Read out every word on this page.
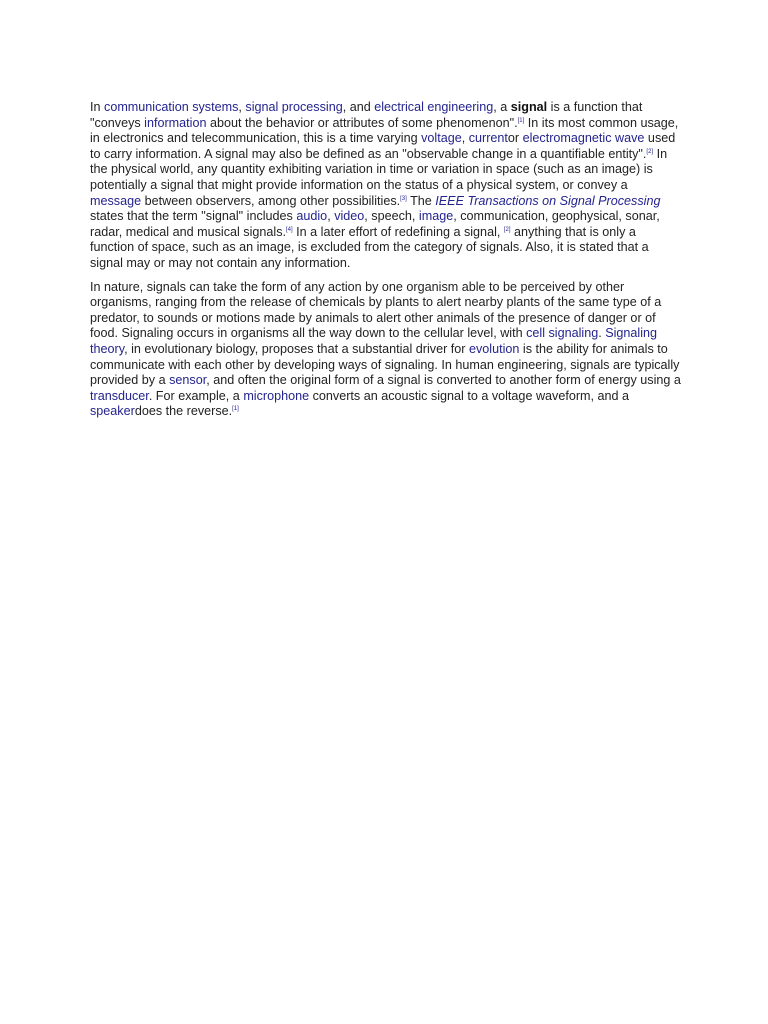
In communication systems, signal processing, and electrical engineering, a signal is a function that "conveys information about the behavior or attributes of some phenomenon".[1] In its most common usage, in electronics and telecommunication, this is a time varying voltage, currentor electromagnetic wave used to carry information. A signal may also be defined as an "observable change in a quantifiable entity".[2] In the physical world, any quantity exhibiting variation in time or variation in space (such as an image) is potentially a signal that might provide information on the status of a physical system, or convey a message between observers, among other possibilities.[3] The IEEE Transactions on Signal Processing states that the term "signal" includes audio, video, speech, image, communication, geophysical, sonar, radar, medical and musical signals.[4] In a later effort of redefining a signal, [2] anything that is only a function of space, such as an image, is excluded from the category of signals. Also, it is stated that a signal may or may not contain any information.

In nature, signals can take the form of any action by one organism able to be perceived by other organisms, ranging from the release of chemicals by plants to alert nearby plants of the same type of a predator, to sounds or motions made by animals to alert other animals of the presence of danger or of food. Signaling occurs in organisms all the way down to the cellular level, with cell signaling. Signaling theory, in evolutionary biology, proposes that a substantial driver for evolution is the ability for animals to communicate with each other by developing ways of signaling. In human engineering, signals are typically provided by a sensor, and often the original form of a signal is converted to another form of energy using a transducer. For example, a microphone converts an acoustic signal to a voltage waveform, and a speakerdoes the reverse.[1]
